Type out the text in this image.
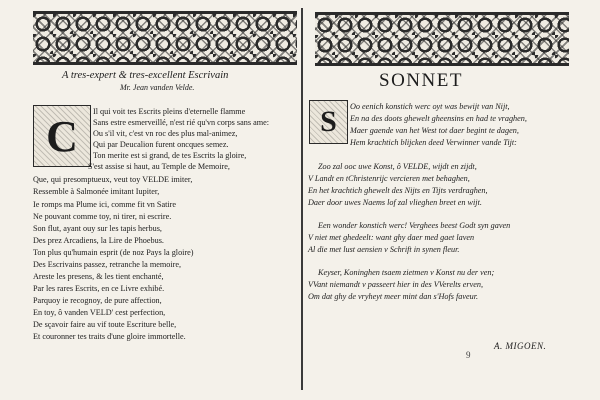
A tres-expert & tres-excellent Escrivain
Mr. Jean vanden Velde.
C	Il qui voit tes Escrits pleins d'eternelle flamme
Sans estre esmerveillé, n'est rié qu'vn corps sans ame:
Ou s'il vit, c'est vn roc des plus mal-animez,
Qui par Deucalion furent oncques semez.
Ton merite est si grand, de tes Escrits la gloire,
S'est assise si haut, au Temple de Memoire,
Que, qui presomptueux, veut toy VELDE imiter,
Ressemble à Salmonée imitant Iupiter,
Ie romps ma Plume ici, comme fit vn Satire
Ne pouvant comme toy, ni tirer, ni escrire.
Son flut, ayant ouy sur les tapis herbus,
Des prez Arcadiens, la Lire de Phoebus.
Ton plus qu'humain esprit (de noz Pays la gloire)
Des Escrivains passez, retranche la memoire,
Areste les presens, & les tient enchanté,
Par les rares Escrits, en ce Livre exhibé.
Parquoy ie recognoy, de pure affection,
En toy, ô vanden VELD' cest perfection,
De sçavoir faire au vif toute Escriture belle,
Et couronner tes traits d'une gloire immortelle.
SONNET
S	Oo eenich konstich werc oyt was bewijt van Nijt,
En na des doots ghewelt gheensins en had te vraghen,
Maer gaende van het West tot daer begint te dagen,
Hem krachtich blijcken deed Verwinner vande Tijt:
Zoo zal ooc uwe Konst, ô VELDE, wijdt en zijdt,
V Landt en tChristenrijc vercieren met behaghen,
En het krachtich ghewelt des Nijts en Tijts verdraghen,
Daer door uwes Naems lof zal vlieghen breet en wijt.
Een wonder konstich werc! Verghees beest Godt syn gaven
V niet met ghedeelt: want ghy daer med gaet laven
Al die met lust aensien v Schrift in synen fleur.
Keyser, Koninghen tsaem zietmen v Konst nu der ven;
VVant niemandt v passeert hier in des VVerelts erven,
Om dat ghy de vryheyt meer mint dan s'Hofs faveur.
A. MIGOEN.
9
